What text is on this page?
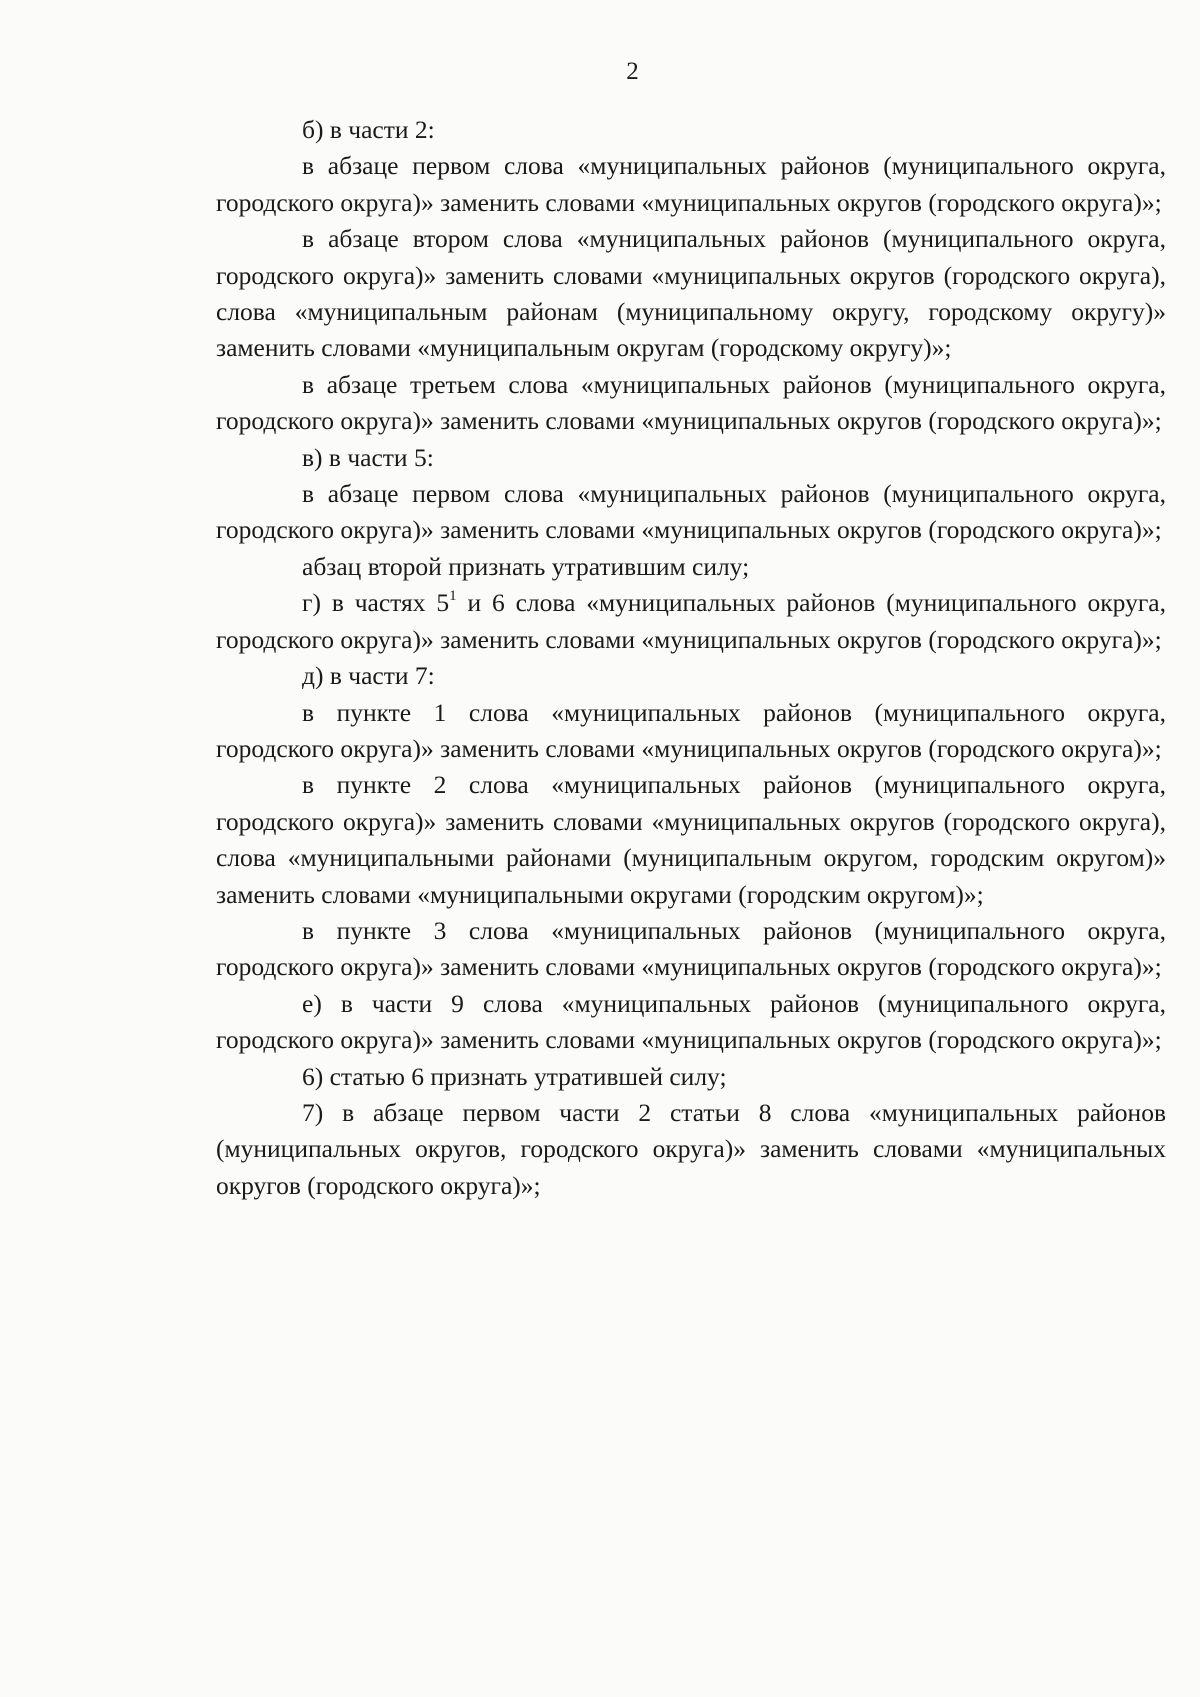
2

б) в части 2:

в абзаце первом слова «муниципальных районов (муниципального округа, городского округа)» заменить словами «муниципальных округов (городского округа)»;

в абзаце втором слова «муниципальных районов (муниципального округа, городского округа)» заменить словами «муниципальных округов (городского округа), слова «муниципальным районам (муниципальному округу, городскому округу)» заменить словами «муниципальным округам (городскому округу)»;

в абзаце третьем слова «муниципальных районов (муниципального округа, городского округа)» заменить словами «муниципальных округов (городского округа)»;

в) в части 5:

в абзаце первом слова «муниципальных районов (муниципального округа, городского округа)» заменить словами «муниципальных округов (городского округа)»;

абзац второй признать утратившим силу;

г) в частях $5^1$ и 6 слова «муниципальных районов (муниципального округа, городского округа)» заменить словами «муниципальных округов (городского округа)»;

д) в части 7:

в пункте 1 слова «муниципальных районов (муниципального округа, городского округа)» заменить словами «муниципальных округов (городского округа)»;

в пункте 2 слова «муниципальных районов (муниципального округа, городского округа)» заменить словами «муниципальных округов (городского округа), слова «муниципальными районами (муниципальным округом, городским округом)» заменить словами «муниципальными округами (городским округом)»;

в пункте 3 слова «муниципальных районов (муниципального округа, городского округа)» заменить словами «муниципальных округов (городского округа)»;

е) в части 9 слова «муниципальных районов (муниципального округа, городского округа)» заменить словами «муниципальных округов (городского округа)»;

6) статью 6 признать утратившей силу;

7) в абзаце первом части 2 статьи 8 слова «муниципальных районов (муниципальных округов, городского округа)» заменить словами «муниципальных округов (городского округа)»;
